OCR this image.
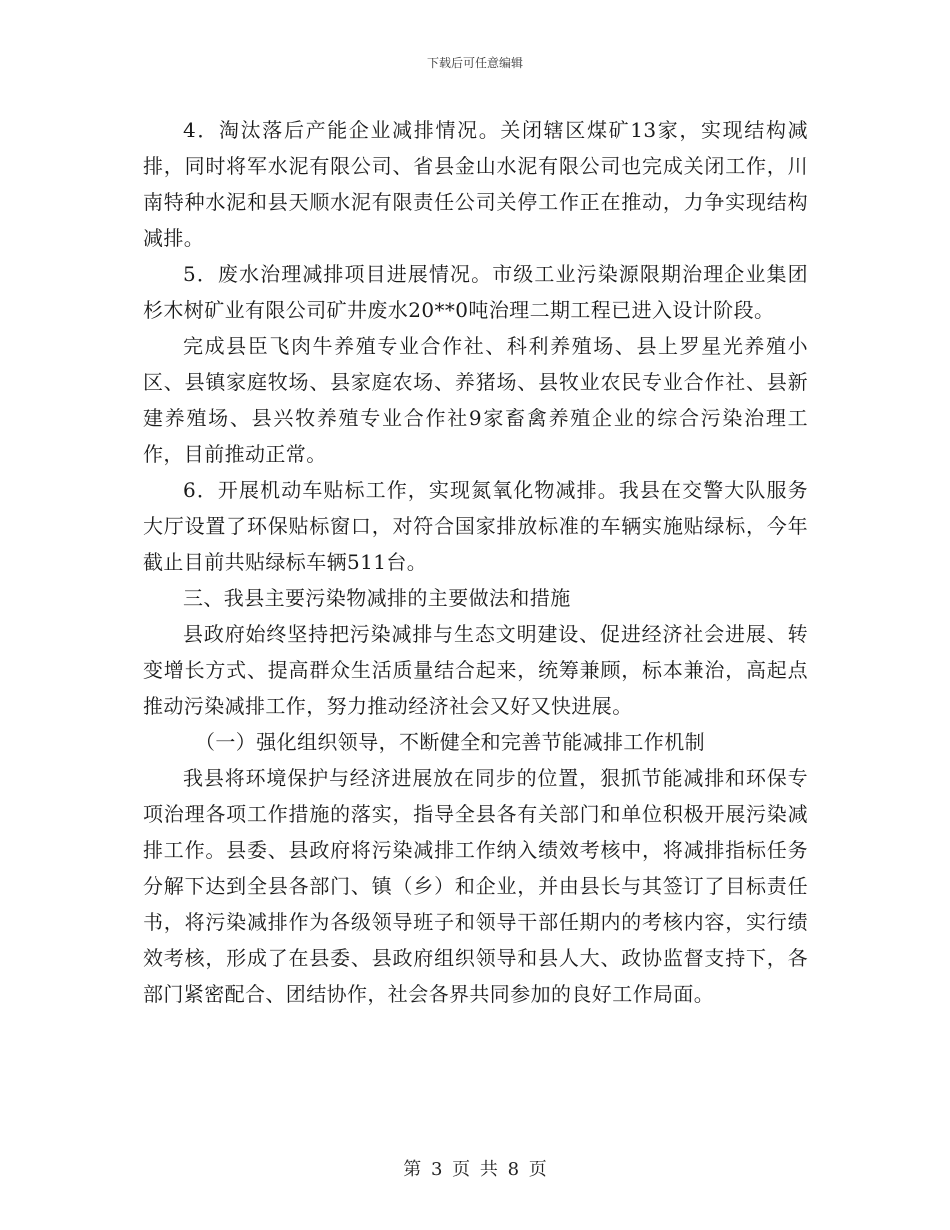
下载后可任意编辑

4．淘汰落后产能企业减排情况。关闭辖区煤矿13家，实现结构减排，同时将军水泥有限公司、省县金山水泥有限公司也完成关闭工作，川南特种水泥和县天顺水泥有限责任公司关停工作正在推动，力争实现结构减排。

5．废水治理减排项目进展情况。市级工业污染源限期治理企业集团杉木树矿业有限公司矿井废水20**0吨治理二期工程已进入设计阶段。

完成县臣飞肉牛养殖专业合作社、科利养殖场、县上罗星光养殖小区、县镇家庭牧场、县家庭农场、养猪场、县牧业农民专业合作社、县新建养殖场、县兴牧养殖专业合作社9家畜禽养殖企业的综合污染治理工作，目前推动正常。

6．开展机动车贴标工作，实现氮氧化物减排。我县在交警大队服务大厅设置了环保贴标窗口，对符合国家排放标准的车辆实施贴绿标，今年截止目前共贴绿标车辆511台。

三、我县主要污染物减排的主要做法和措施

县政府始终坚持把污染减排与生态文明建设、促进经济社会进展、转变增长方式、提高群众生活质量结合起来，统筹兼顾，标本兼治，高起点推动污染减排工作，努力推动经济社会又好又快进展。

（一）强化组织领导，不断健全和完善节能减排工作机制

我县将环境保护与经济进展放在同步的位置，狠抓节能减排和环保专项治理各项工作措施的落实，指导全县各有关部门和单位积极开展污染减排工作。县委、县政府将污染减排工作纳入绩效考核中，将减排指标任务分解下达到全县各部门、镇（乡）和企业，并由县长与其签订了目标责任书，将污染减排作为各级领导班子和领导干部任期内的考核内容，实行绩效考核，形成了在县委、县政府组织领导和县人大、政协监督支持下，各部门紧密配合、团结协作，社会各界共同参加的良好工作局面。

第 3 页 共 8 页
